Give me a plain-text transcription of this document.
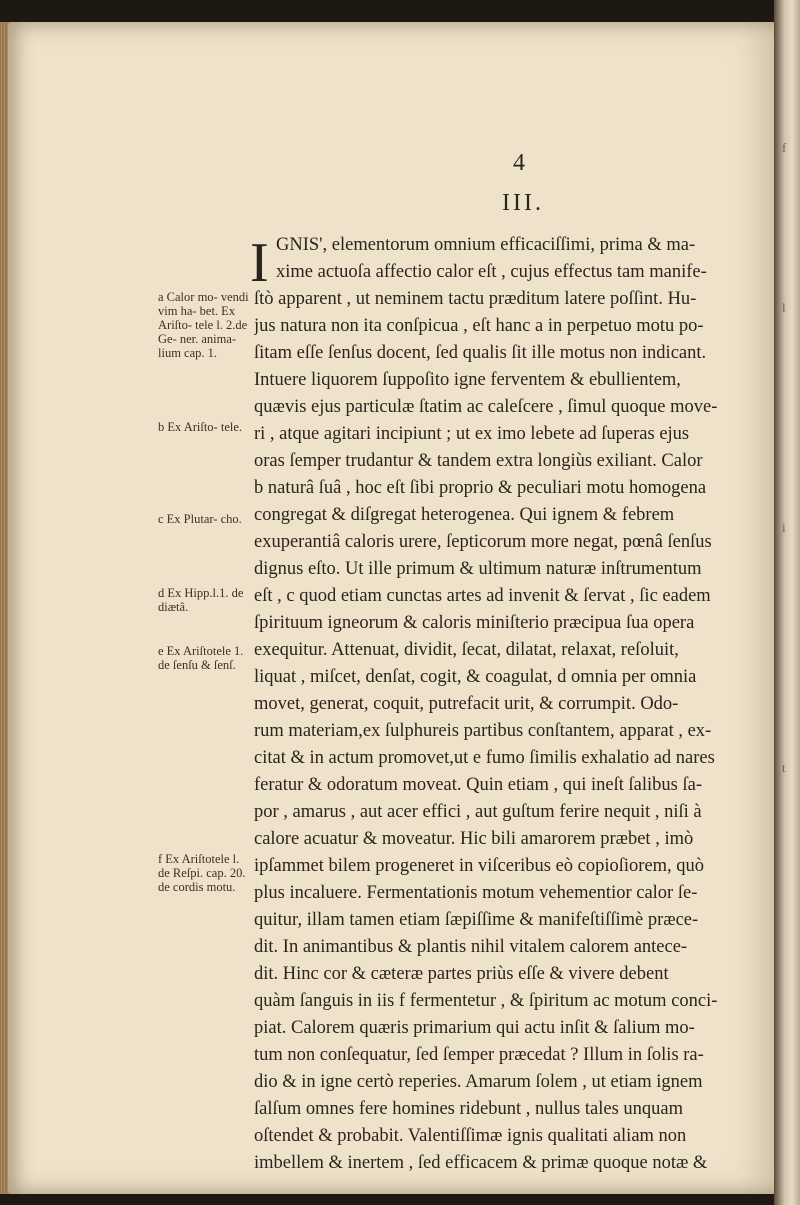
4

III.

a Calor mo- vendi vim ha- bet. Ex Ariſto- tele l. 2.de Ge- ner. anima- lium cap. 1.
b Ex Ariſto- tele.
c Ex Plutar- cho.
d Ex Hipp.l.1. de diætâ.
e Ex Ariſtotele 1. de ſenſu & ſenſ.
f Ex Ariſtotele l. de Reſpi. cap. 20. de cordis motu.
I GNIS', elementorum omnium efficaciſſimi, prima & ma-
xime actuoſa affectio calor eſt , cujus effectus tam manife-
ſtò apparent , ut neminem tactu præditum latere poſſint. Hu-
jus natura non ita conſpicua , eſt hanc a in perpetuo motu po-
ſitam eſſe ſenſus docent, ſed qualis ſit ille motus non indicant.
Intuere liquorem ſuppoſito igne ferventem & ebullientem,
quævis ejus particulæ ſtatim ac caleſcere , ſimul quoque move-
ri , atque agitari incipiunt ; ut ex imo lebete ad ſuperas ejus
oras ſemper trudantur & tandem extra longiùs exiliant. Calor
b naturâ ſuâ , hoc eſt ſibi proprio & peculiari motu homogena
congregat & diſgregat heterogenea. Qui ignem & febrem
exuperantiâ caloris urere, ſepticorum more negat, pœnâ ſenſus
dignus eſto. Ut ille primum & ultimum naturæ inſtrumentum
eſt , c quod etiam cunctas artes ad invenit & ſervat , ſic eadem
ſpirituum igneorum & caloris miniſterio præcipua ſua opera
exequitur. Attenuat, dividit, ſecat, dilatat, relaxat, reſoluit,
liquat , miſcet, denſat, cogit, & coagulat, d omnia per omnia
movet, generat, coquit, putrefacit urit, & corrumpit. Odo-
rum materiam,ex ſulphureis partibus conſtantem, apparat , ex-
citat & in actum promovet,ut e fumo ſimilis exhalatio ad nares
feratur & odoratum moveat. Quin etiam , qui ineſt ſalibus ſa-
por , amarus , aut acer effici , aut guſtum ferire nequit , niſi à
calore acuatur & moveatur. Hic bili amarorem præbet , imò
ipſammet bilem progeneret in viſceribus eò copioſiorem, quò
plus incaluere. Fermentationis motum vehementior calor ſe-
quitur, illam tamen etiam ſæpiſſime & manifeſtiſſimè præce-
dit. In animantibus & plantis nihil vitalem calorem antece-
dit. Hinc cor & cæteræ partes priùs eſſe & vivere debent
quàm ſanguis in iis f fermentetur , & ſpiritum ac motum conci-
piat. Calorem quæris primarium qui actu inſit & ſalium mo-
tum non conſequatur, ſed ſemper præcedat ? Illum in ſolis ra-
dio & in igne certò reperies. Amarum ſolem , ut etiam ignem
ſalſum omnes fere homines ridebunt , nullus tales unquam
oſtendet & probabit. Valentiſſimæ ignis qualitati aliam non
imbellem & inertem , ſed efficacem & primæ quoque notæ &
f
l
i
t
